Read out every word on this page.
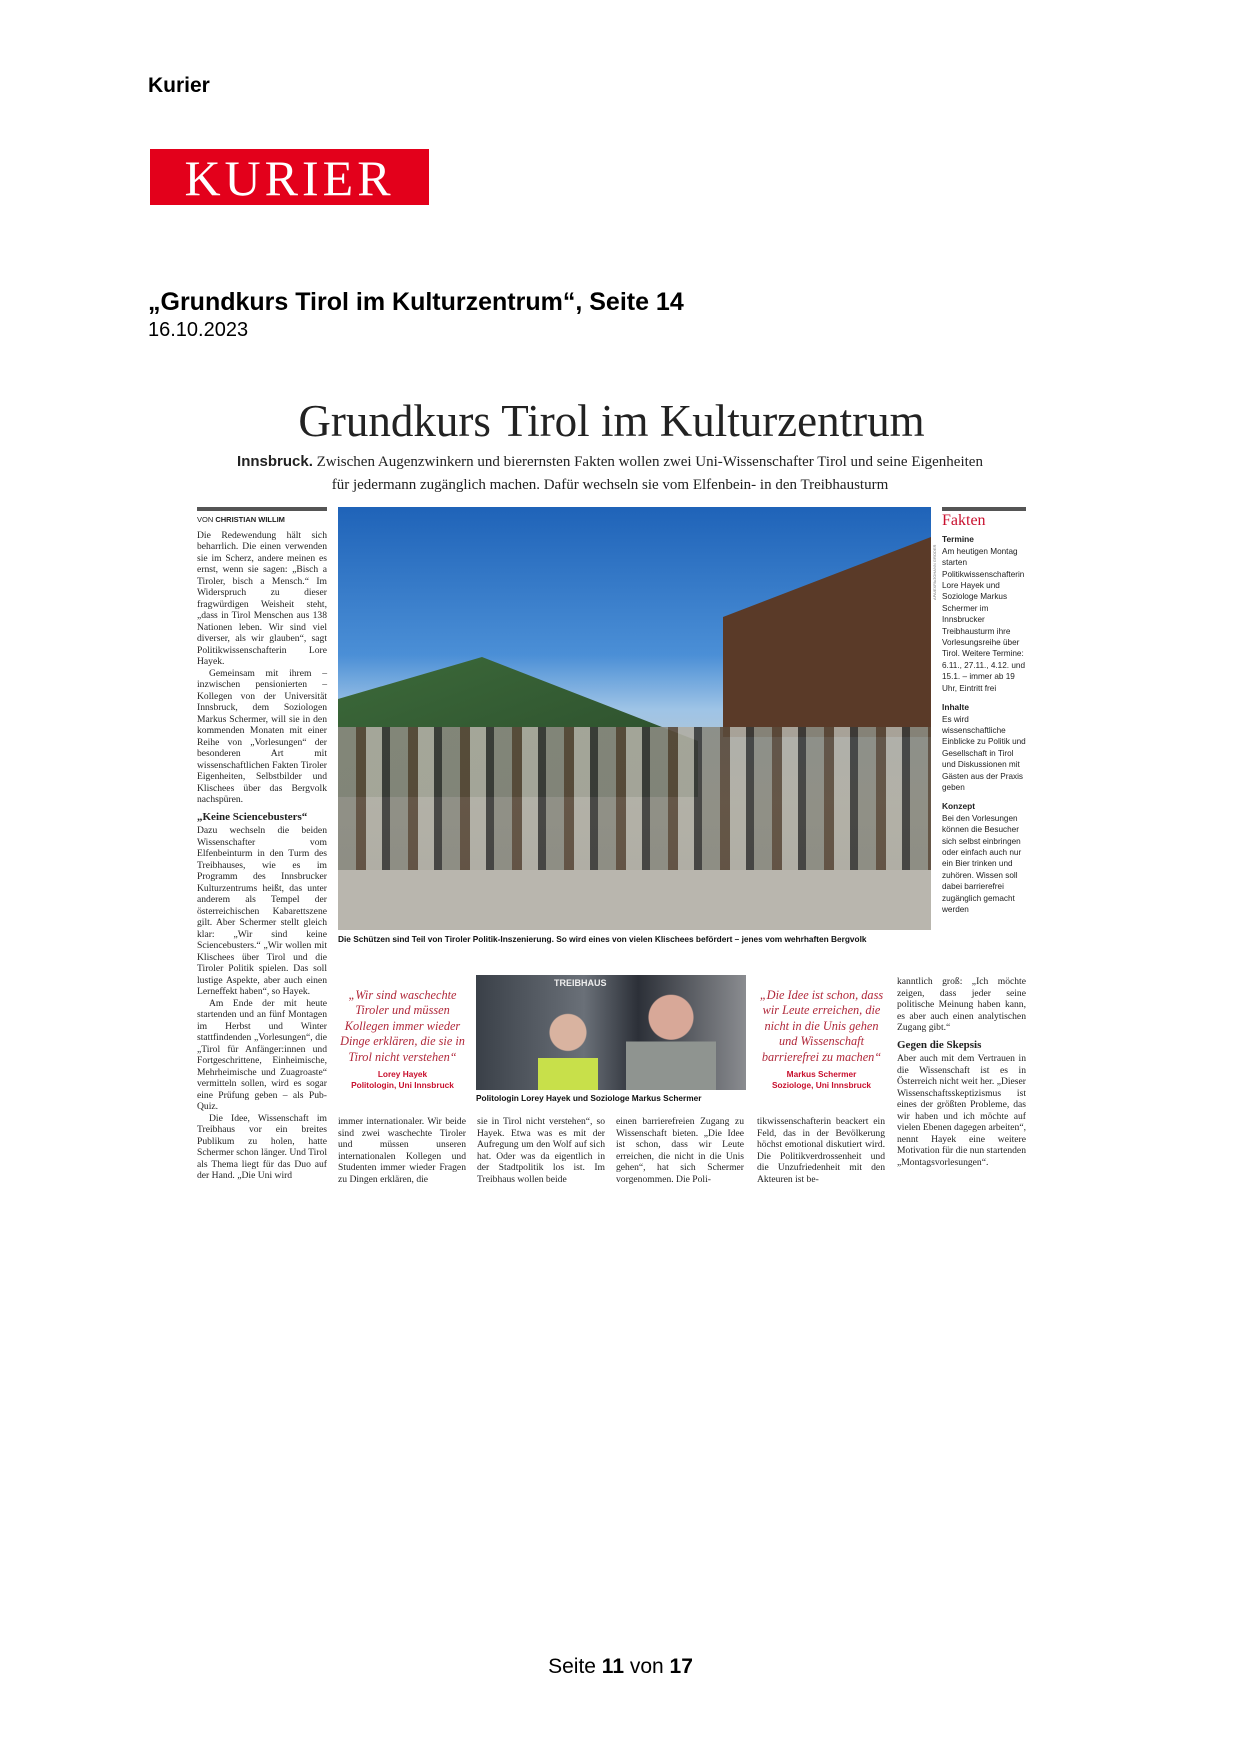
Kurier
KURIER
„Grundkurs Tirol im Kulturzentrum“, Seite 14
16.10.2023
Grundkurs Tirol im Kulturzentrum
Innsbruck. Zwischen Augenzwinkern und bierernsten Fakten wollen zwei Uni-Wissenschafter Tirol und seine Eigenheiten für jedermann zugänglich machen. Dafür wechseln sie vom Elfenbein- in den Treibhausturm
VON CHRISTIAN WILLIM

Die Redewendung hält sich beharrlich. Die einen verwenden sie im Scherz, andere meinen es ernst, wenn sie sagen: „Bisch a Tiroler, bisch a Mensch.“ Im Widerspruch zu dieser fragwürdigen Weisheit steht, „dass in Tirol Menschen aus 138 Nationen leben. Wir sind viel diverser, als wir glauben“, sagt Politikwissenschafterin Lore Hayek.

Gemeinsam mit ihrem – inzwischen pensionierten – Kollegen von der Universität Innsbruck, dem Soziologen Markus Schermer, will sie in den kommenden Monaten mit einer Reihe von „Vorlesungen“ der besonderen Art mit wissenschaftlichen Fakten Tiroler Eigenheiten, Selbstbilder und Klischees über das Bergvolk nachspüren.

„Keine Sciencebusters“

Dazu wechseln die beiden Wissenschafter vom Elfenbeinturm in den Turm des Treibhauses, wie es im Programm des Innsbrucker Kulturzentrums heißt, das unter anderem als Tempel der österreichischen Kabarettszene gilt. Aber Schermer stellt gleich klar: „Wir sind keine Sciencebusters.“ „Wir wollen mit Klischees über Tirol und die Tiroler Politik spielen. Das soll lustige Aspekte, aber auch einen Lerneffekt haben“, so Hayek.

Am Ende der mit heute startenden und an fünf Montagen im Herbst und Winter stattfindenden „Vorlesungen“, die „Tirol für Anfänger:innen und Fortgeschrittene, Einheimische, Mehrheimische und Zuagroaste“ vermitteln sollen, wird es sogar eine Prüfung geben – als Pub-Quiz.

Die Idee, Wissenschaft im Treibhaus vor ein breites Publikum zu holen, hatte Schermer schon länger. Und Tirol als Thema liegt für das Duo auf der Hand. „Die Uni wird

APA/EXPA/JOHANN GRODER
Die Schützen sind Teil von Tiroler Politik-Inszenierung. So wird eines von vielen Klischees befördert – jenes vom wehrhaften Bergvolk
Fakten
Termine

Am heutigen Montag starten Politikwissenschafterin Lore Hayek und Soziologe Markus Schermer im Innsbrucker Treibhausturm ihre Vorlesungsreihe über Tirol. Weitere Termine: 6.11., 27.11., 4.12. und 15.1. – immer ab 19 Uhr, Eintritt frei

Inhalte

Es wird wissenschaftliche Einblicke zu Politik und Gesellschaft in Tirol und Diskussionen mit Gästen aus der Praxis geben

Konzept

Bei den Vorlesungen können die Besucher sich selbst einbringen oder einfach auch nur ein Bier trinken und zuhören. Wissen soll dabei barrierefrei zugänglich gemacht werden

„Wir sind waschechte Tiroler und müssen Kollegen immer wieder Dinge erklären, die sie in Tirol nicht verstehen“
Lorey Hayek
Politologin, Uni Innsbruck
TREIBHAUS
Politologin Lorey Hayek und Soziologe Markus Schermer
„Die Idee ist schon, dass wir Leute erreichen, die nicht in die Unis gehen und Wissenschaft barrierefrei zu machen“
Markus Schermer
Soziologe, Uni Innsbruck
immer internationaler. Wir beide sind zwei waschechte Tiroler und müssen unseren internationalen Kollegen und Studenten immer wieder Fragen zu Dingen erklären, die
sie in Tirol nicht verstehen“, so Hayek. Etwa was es mit der Aufregung um den Wolf auf sich hat. Oder was da eigentlich in der Stadtpolitik los ist. Im Treibhaus wollen beide
einen barrierefreien Zugang zu Wissenschaft bieten. „Die Idee ist schon, dass wir Leute erreichen, die nicht in die Unis gehen“, hat sich Schermer vorgenommen. Die Poli-
tikwissenschafterin beackert ein Feld, das in der Bevölkerung höchst emotional diskutiert wird. Die Politikverdrossenheit und die Unzufriedenheit mit den Akteuren ist be-

kanntlich groß: „Ich möchte zeigen, dass jeder seine politische Meinung haben kann, es aber auch einen analytischen Zugang gibt.“

Gegen die Skepsis

Aber auch mit dem Vertrauen in die Wissenschaft ist es in Österreich nicht weit her. „Dieser Wissenschaftsskeptizismus ist eines der größten Probleme, das wir haben und ich möchte auf vielen Ebenen dagegen arbeiten“, nennt Hayek eine weitere Motivation für die nun startenden „Montagsvorlesungen“.

Seite 11 von 17
